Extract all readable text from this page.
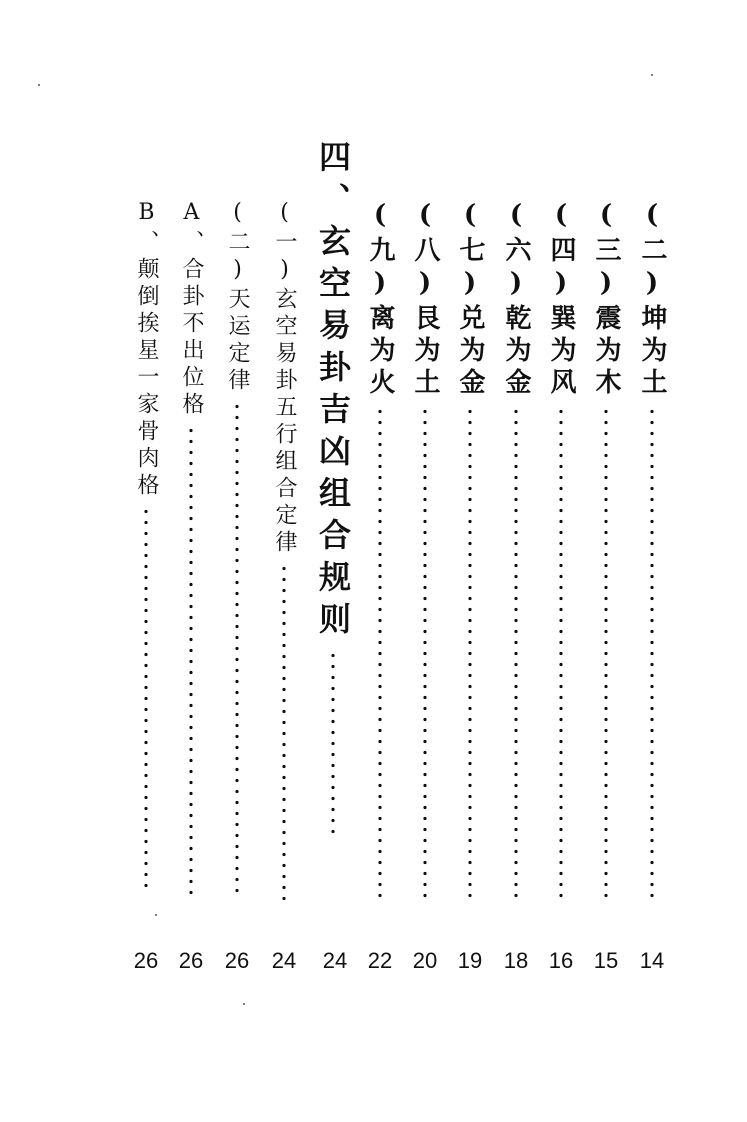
(二)坤为土
14
(三)震为木
15
(四)巽为风
16
(六)乾为金
18
(七)兑为金
19
(八)艮为土
20
(九)离为火
22
四、玄空易卦吉凶组合规则
24
(一)玄空易卦五行组合定律
24
(二)天运定律
26
A、合卦不出位格
26
B、颠倒挨星一家骨肉格
26
